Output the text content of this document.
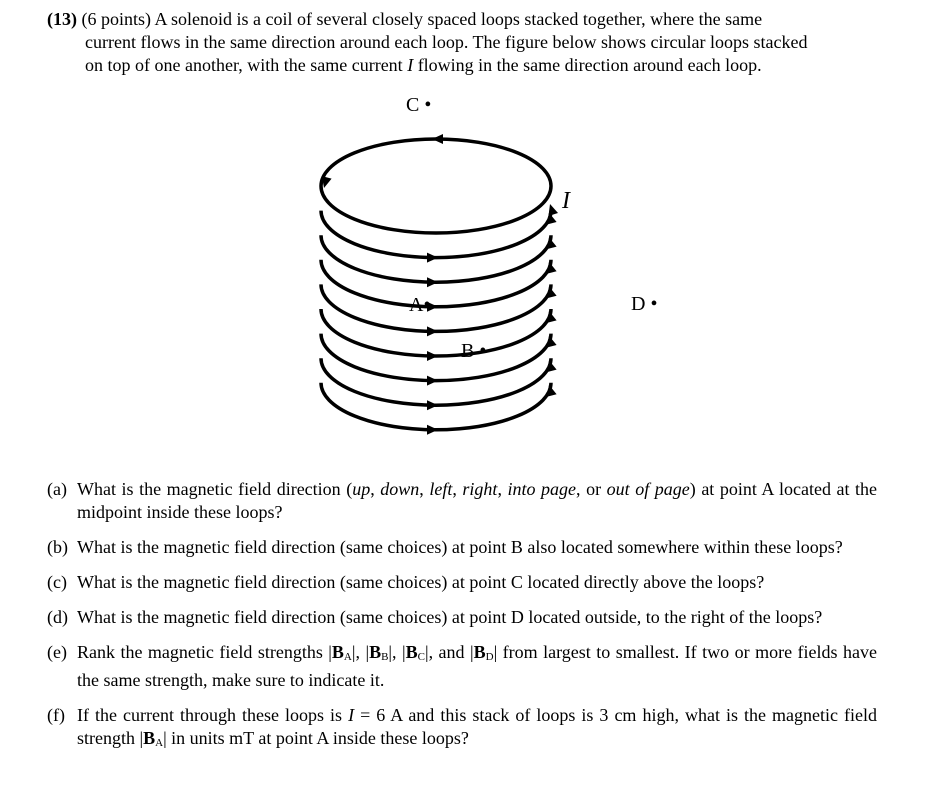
(13) (6 points) A solenoid is a coil of several closely spaced loops stacked together, where the same
current flows in the same direction around each loop. The figure below shows circular loops stacked
on top of one another, with the same current I flowing in the same direction around each loop.
C •
A•
B •
D •
I
(a) What is the magnetic field direction (up, down, left, right, into page, or out of page) at point A located at the midpoint inside these loops?
(b) What is the magnetic field direction (same choices) at point B also located somewhere within these loops?
(c) What is the magnetic field direction (same choices) at point C located directly above the loops?
(d) What is the magnetic field direction (same choices) at point D located outside, to the right of the loops?
(e) Rank the magnetic field strengths $|B_A|$, $|B_B|$, $|B_C|$, and $|B_D|$ from largest to smallest. If two or more fields have the same strength, make sure to indicate it.
(f) If the current through these loops is I = 6 A and this stack of loops is 3 cm high, what is the magnetic field strength $|B_A|$ in units mT at point A inside these loops?
